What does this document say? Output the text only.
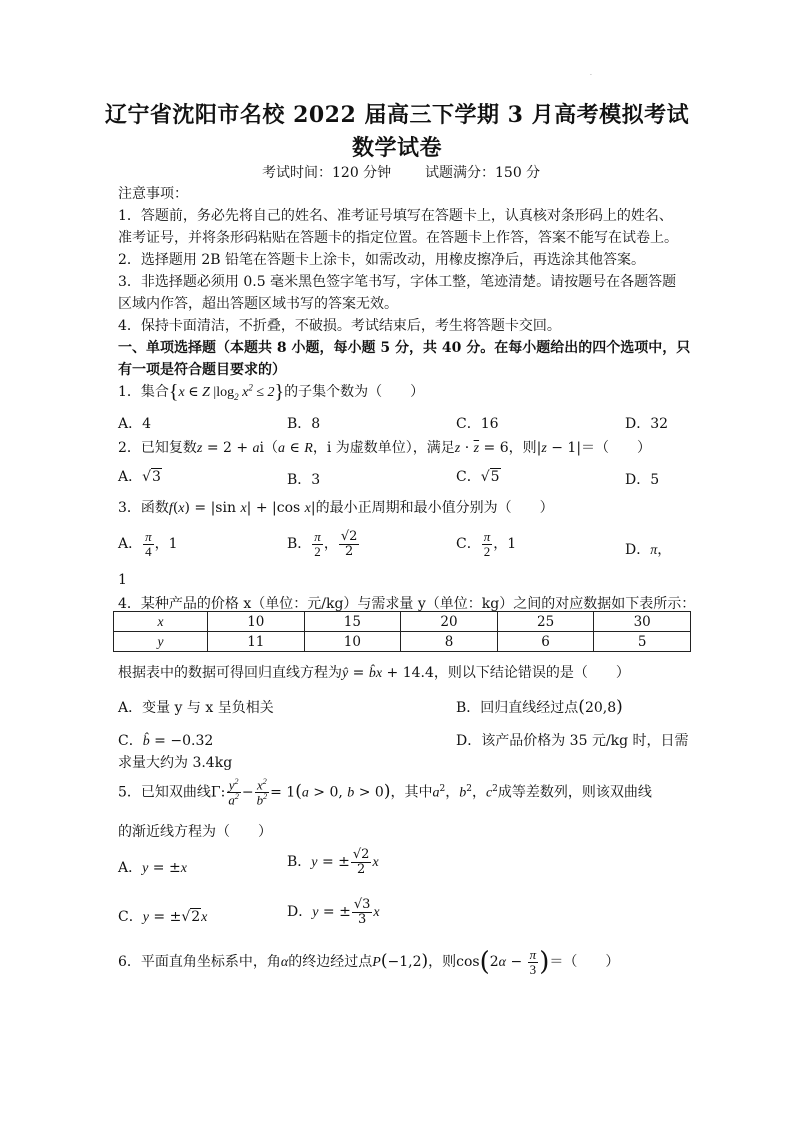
·
辽宁省沈阳市名校 2022 届高三下学期 3 月高考模拟考试
数学试卷
考试时间：120 分钟 试题满分：150 分
注意事项：
1．答题前，务必先将自己的姓名、准考证号填写在答题卡上，认真核对条形码上的姓名、
准考证号，并将条形码粘贴在答题卡的指定位置。在答题卡上作答，答案不能写在试卷上。
2．选择题用 2B 铅笔在答题卡上涂卡，如需改动，用橡皮擦净后，再选涂其他答案。
3．非选择题必须用 0.5 毫米黑色签字笔书写，字体工整，笔迹清楚。请按题号在各题答题
区域内作答，超出答题区域书写的答案无效。
4．保持卡面清洁，不折叠，不破损。考试结束后，考生将答题卡交回。
一、单项选择题（本题共 8 小题，每小题 5 分，共 40 分。在每小题给出的四个选项中，只
有一项是符合题目要求的）
1．集合{x ∈ Z $|\log_2$ $x^2 \le 2$}的子集个数为（　　）
A．4	B．8	C．16	D．32
2．已知复数z = 2 + ai（a ∈ R，i 为虚数单位），满足$z \cdot \overline{z} = 6$，则|z − 1|＝（　　）
A．√3	B．3	C．√5	D．5
3．函数f(x) = |sin x| + |cos x|的最小正周期和最小值分别为（　　）
A． $\frac{\pi}{4}$ ，1	B． $\frac{\pi}{2}$ ， $\frac{√2}{2}$	C． $\frac{\pi}{2}$ ，1	D．π，
1
4．某种产品的价格 x（单位：元/kg）与需求量 y（单位：kg）之间的对应数据如下表所示：
x	10	15	20	25	30
y	11	10	8	6	5
根据表中的数据可得回归直线方程为ŷ = b̂x + 14.4，则以下结论错误的是（　　）
A．变量 y 与 x 呈负相关	B．回归直线经过点(20,8)
C．b̂ = −0.32	D．该产品价格为 35 元/kg 时，日需
求量大约为 3.4kg
5．已知双曲线Γ: $\frac{y^2}{a^2} - \frac{x^2}{b^2} = 1(a > 0$, b > 0)，其中$a^2$，$b^2$，$c^2$成等差数列，则该双曲线
的渐近线方程为（　　）
A．y = ±x	B．y = ± $\frac{√2}{2}$ x
C．y = ±√2x	D．y = ± $\frac{√3}{3}$ x
6．平面直角坐标系中，角α的终边经过点P(−1,2)，则$\cos(2\alpha - \frac{\pi}{3}$ )＝（　　）
